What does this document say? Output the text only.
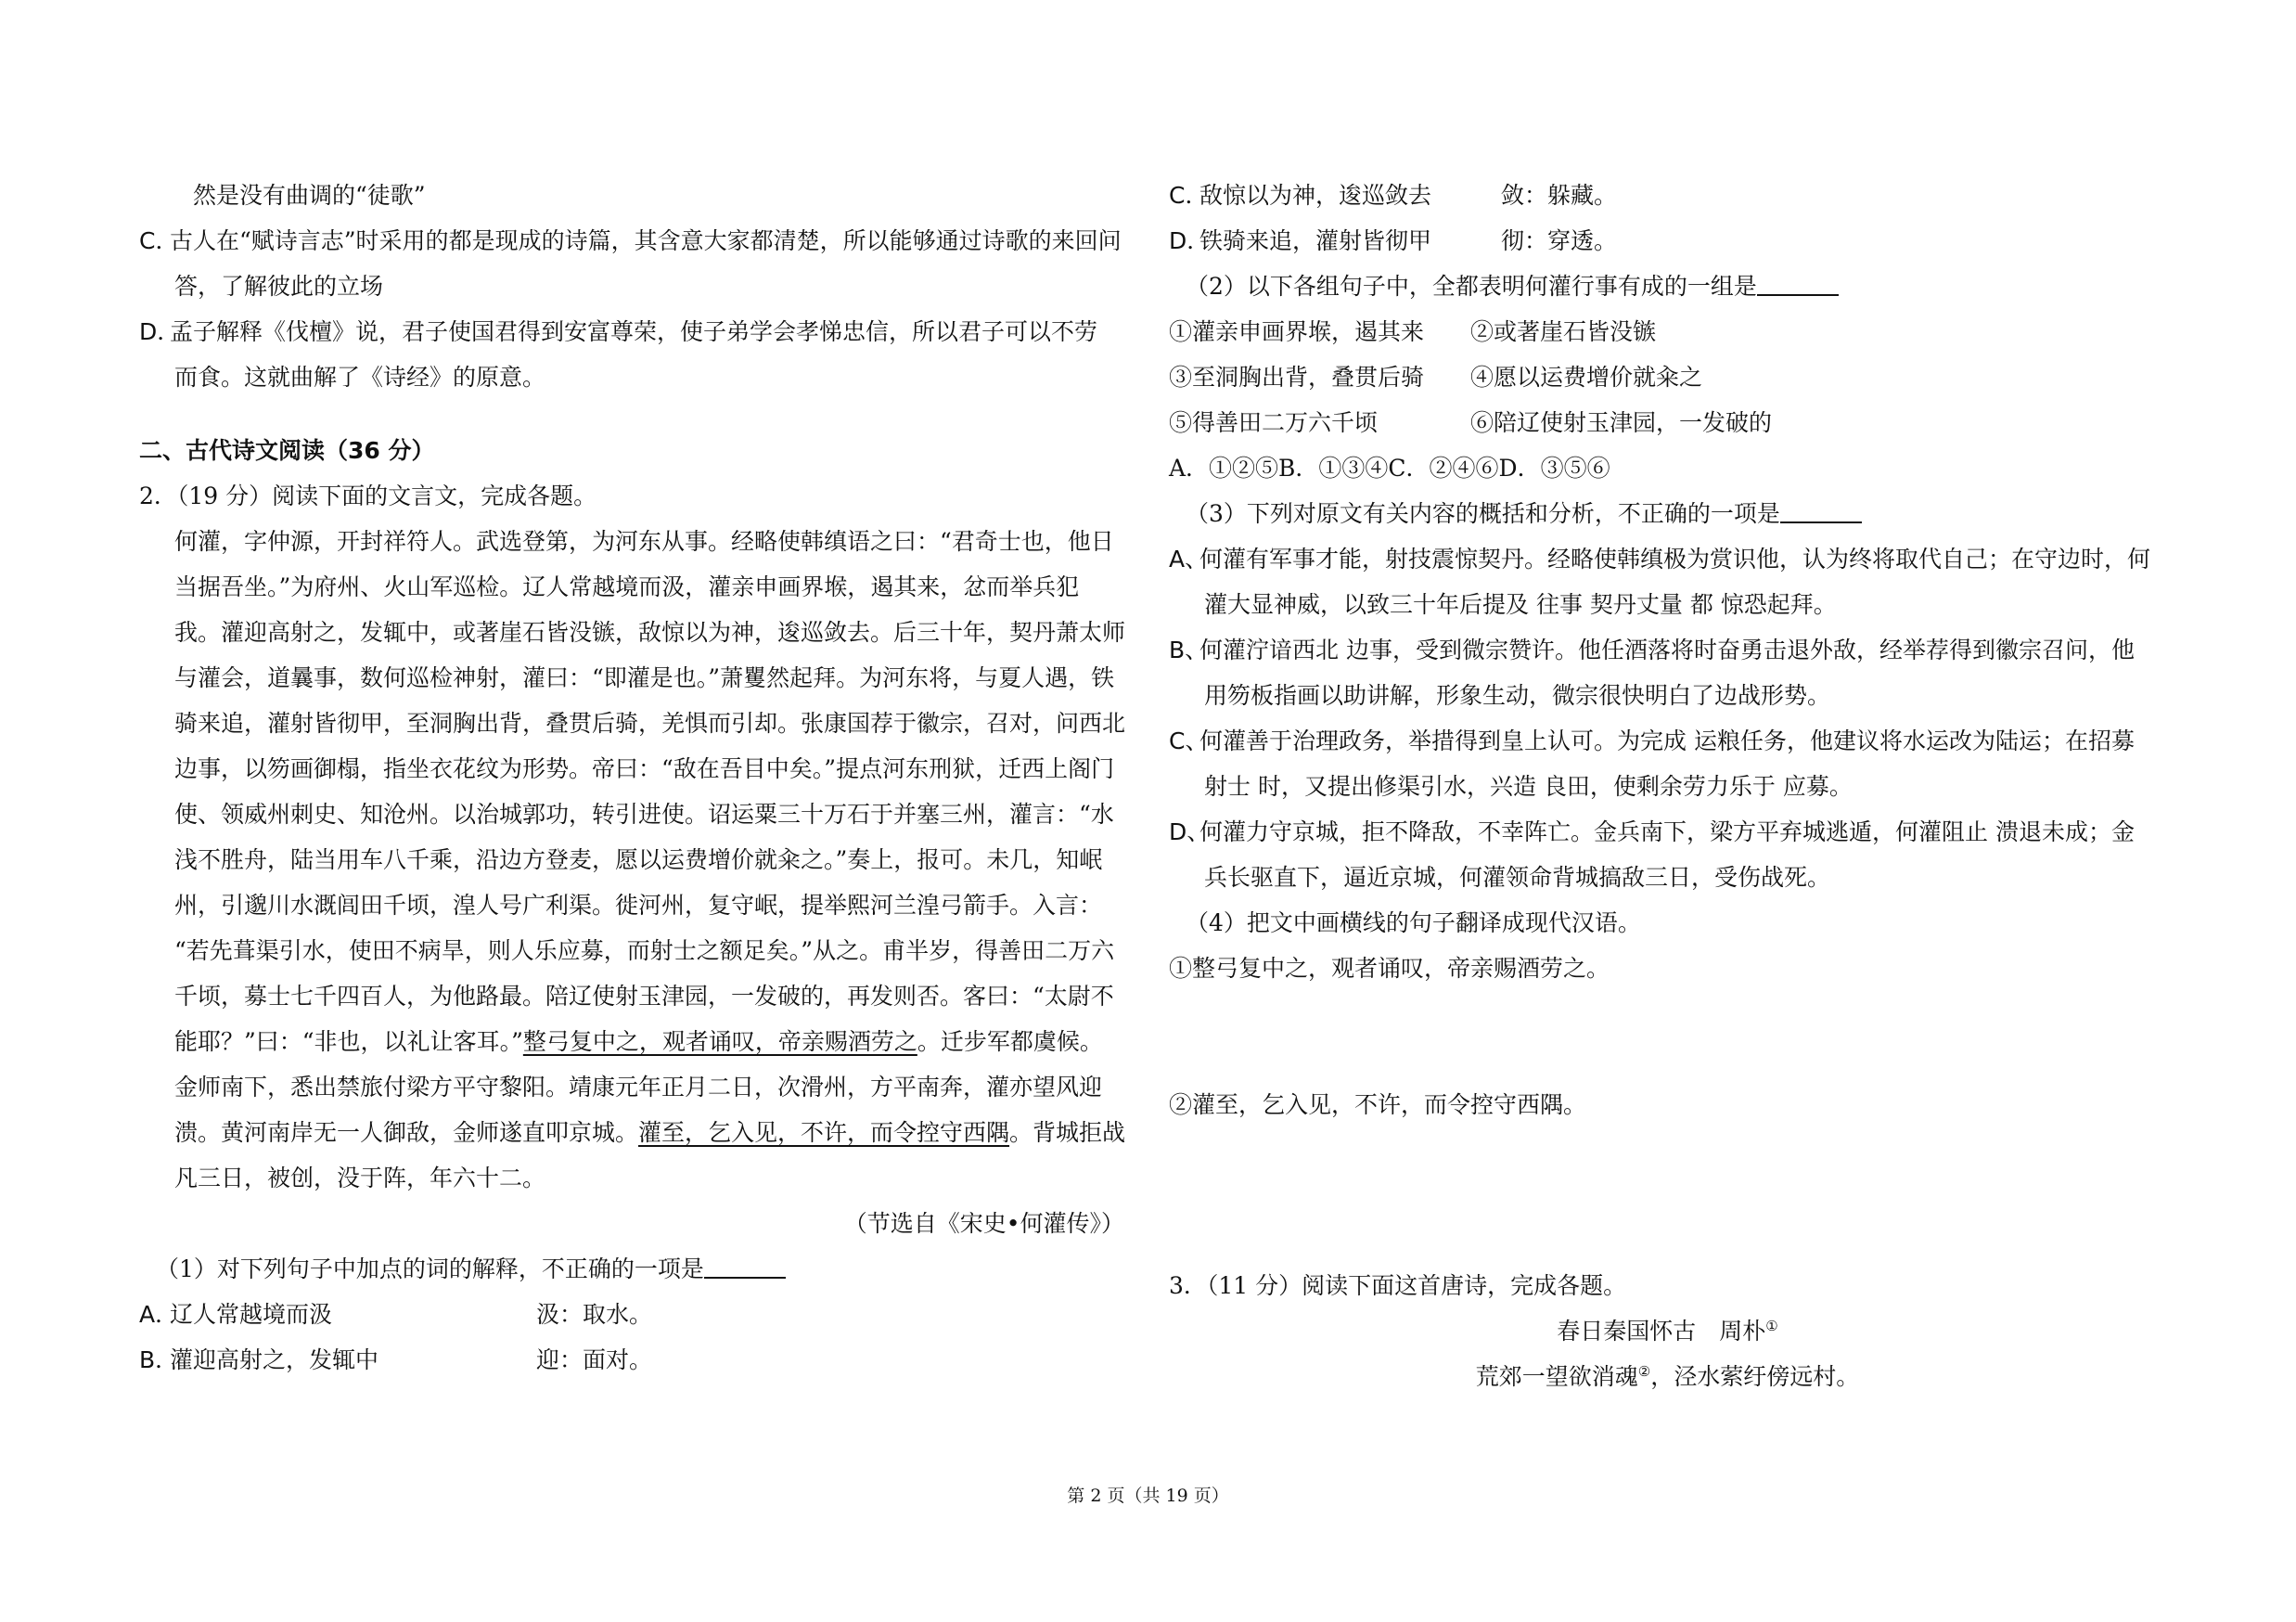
然是没有曲调的“徒歌”
C．古人在“赋诗言志”时采用的都是现成的诗篇，其含意大家都清楚，所以能够通过诗歌的来回问
答，了解彼此的立场
D．孟子解释《伐檀》说，君子使国君得到安富尊荣，使子弟学会孝悌忠信，所以君子可以不劳
而食。这就曲解了《诗经》的原意。
二、古代诗文阅读（36 分）
2．（19 分）阅读下面的文言文，完成各题。
何灌，字仲源，开封祥符人。武选登第，为河东从事。经略使韩缜语之曰：“君奇士也，他日
当据吾坐。”为府州、火山军巡检。辽人常越境而汲，灌亲申画界堠，遏其来，忿而举兵犯
我。灌迎高射之，发辄中，或著崖石皆没镞，敌惊以为神，逡巡敛去。后三十年，契丹萧太师
与灌会，道曩事，数何巡检神射，灌曰：“即灌是也。”萧矍然起拜。为河东将，与夏人遇，铁
骑来追，灌射皆彻甲，至洞胸出背，叠贯后骑，羌惧而引却。张康国荐于徽宗，召对，问西北
边事，以笏画御榻，指坐衣花纹为形势。帝曰：“敌在吾目中矣。”提点河东刑狱，迁西上阁门
使、领威州刺史、知沧州。以治城郭功，转引进使。诏运粟三十万石于并塞三州，灌言：“水
浅不胜舟，陆当用车八千乘，沿边方登麦，愿以运费增价就籴之。”奏上，报可。未几，知岷
州，引邈川水溉闾田千顷，湟人号广利渠。徙河州，复守岷，提举熙河兰湟弓箭手。入言：
“若先葺渠引水，使田不病旱，则人乐应募，而射士之额足矣。”从之。甫半岁，得善田二万六
千顷，募士七千四百人，为他路最。陪辽使射玉津园，一发破的，再发则否。客曰：“太尉不
能耶？”曰：“非也，以礼让客耳。”整弓复中之，观者诵叹，帝亲赐酒劳之。迁步军都虞候。
金师南下，悉出禁旅付梁方平守黎阳。靖康元年正月二日，次滑州，方平南奔，灌亦望风迎
溃。黄河南岸无一人御敌，金师遂直叩京城。灌至，乞入见，不许，而令控守西隅。背城拒战
凡三日，被创，没于阵，年六十二。
（节选自《宋史•何灌传》）
（1）对下列句子中加点的词的解释，不正确的一项是
A．辽人常越境而汲	汲：取水。
B．灌迎高射之，发辄中	迎：面对。
C．敌惊以为神，逡巡敛去	敛：躲藏。
D．铁骑来追，灌射皆彻甲	彻：穿透。
（2）以下各组句子中，全都表明何灌行事有成的一组是
①灌亲申画界堠，遏其来 ②或著崖石皆没镞
③至洞胸出背，叠贯后骑 ④愿以运费增价就籴之
⑤得善田二万六千顷	⑥陪辽使射玉津园，一发破的
A．①②⑤B．①③④C．②④⑥D．③⑤⑥
（3）下列对原文有关内容的概括和分析，不正确的一项是
A、何灌有军事才能，射技震惊契丹。经略使韩缜极为赏识他，认为终将取代自己；在守边时，何
灌大显神威，以致三十年后提及 往事 契丹丈量 都 惊恐起拜。
B、何灌泞谙西北 边事，受到微宗赞许。他任酒落将时奋勇击退外敌，经举荐得到徽宗召问，他
用笏板指画以助讲解，形象生动，微宗很快明白了边战形势。
C、何灌善于治理政务，举措得到皇上认可。为完成 运粮任务，他建议将水运改为陆运；在招募
射士 时，又提出修渠引水，兴造 良田，使剩余劳力乐于 应募。
D、何灌力守京城，拒不降敌，不幸阵亡。金兵南下，梁方平弃城逃遁，何灌阻止 溃退未成；金
兵长驱直下，逼近京城，何灌领命背城搞敌三日，受伤战死。
（4）把文中画横线的句子翻译成现代汉语。
①整弓复中之，观者诵叹，帝亲赐酒劳之。
②灌至，乞入见，不许，而令控守西隅。
3．（11 分）阅读下面这首唐诗，完成各题。
春日秦国怀古　 周朴①
荒郊一望欲消魂②，泾水萦纡傍远村。
第 2 页（共 19 页）
